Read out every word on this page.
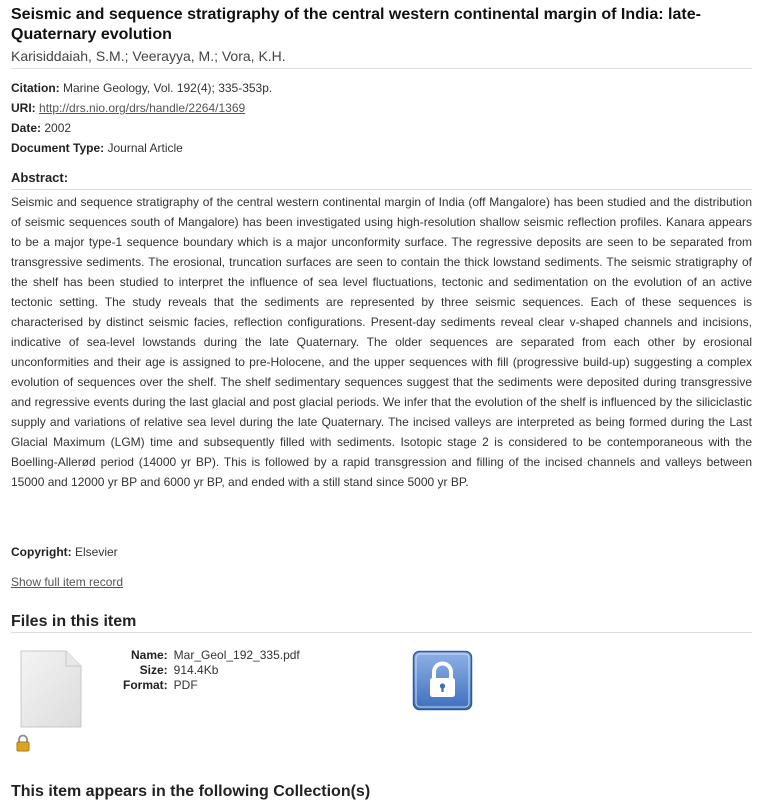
Seismic and sequence stratigraphy of the central western continental margin of India: late-Quaternary evolution
Karisiddaiah, S.M.; Veerayya, M.; Vora, K.H.
Citation: Marine Geology, Vol. 192(4); 335-353p.
URI: http://drs.nio.org/drs/handle/2264/1369
Date: 2002
Document Type: Journal Article
Abstract:

Seismic and sequence stratigraphy of the central western continental margin of India (off Mangalore) has been studied and the distribution of seismic sequences south of Mangalore) has been investigated using high-resolution shallow seismic reflection profiles. Kanara appears to be a major type-1 sequence boundary which is a major unconformity surface. The regressive deposits are seen to be separated from transgressive sediments. The erosional, truncation surfaces are seen to contain the thick lowstand sediments. The seismic stratigraphy of the shelf has been studied to interpret the influence of sea level fluctuations, tectonic and sedimentation on the evolution of an active tectonic setting. The study reveals that the sediments are represented by three seismic sequences. Each of these sequences is characterised by distinct seismic facies, reflection configurations. Present-day sediments reveal clear v-shaped channels and incisions, indicative of sea-level lowstands during the late Quaternary. The older sequences are separated from each other by erosional unconformities and their age is assigned to pre-Holocene, and the upper sequences with fill (progressive build-up) suggesting a complex evolution of sequences over the shelf. The shelf sedimentary sequences suggest that the sediments were deposited during transgressive and regressive events during the last glacial and post glacial periods. We infer that the evolution of the shelf is influenced by the siliciclastic supply and variations of relative sea level during the late Quaternary. The incised valleys are interpreted as being formed during the Last Glacial Maximum (LGM) time and subsequently filled with sediments. Isotopic stage 2 is considered to be contemporaneous with the Boelling-Allerød period (14000 yr BP). This is followed by a rapid transgression and filling of the incised channels and valleys between 15000 and 12000 yr BP and 6000 yr BP, and ended with a still stand since 5000 yr BP.

Copyright: Elsevier
Show full item record
Files in this item
Name:	Mar_Geol_192_335.pdf
Size:	914.4Kb
Format:	PDF
This item appears in the following Collection(s)
